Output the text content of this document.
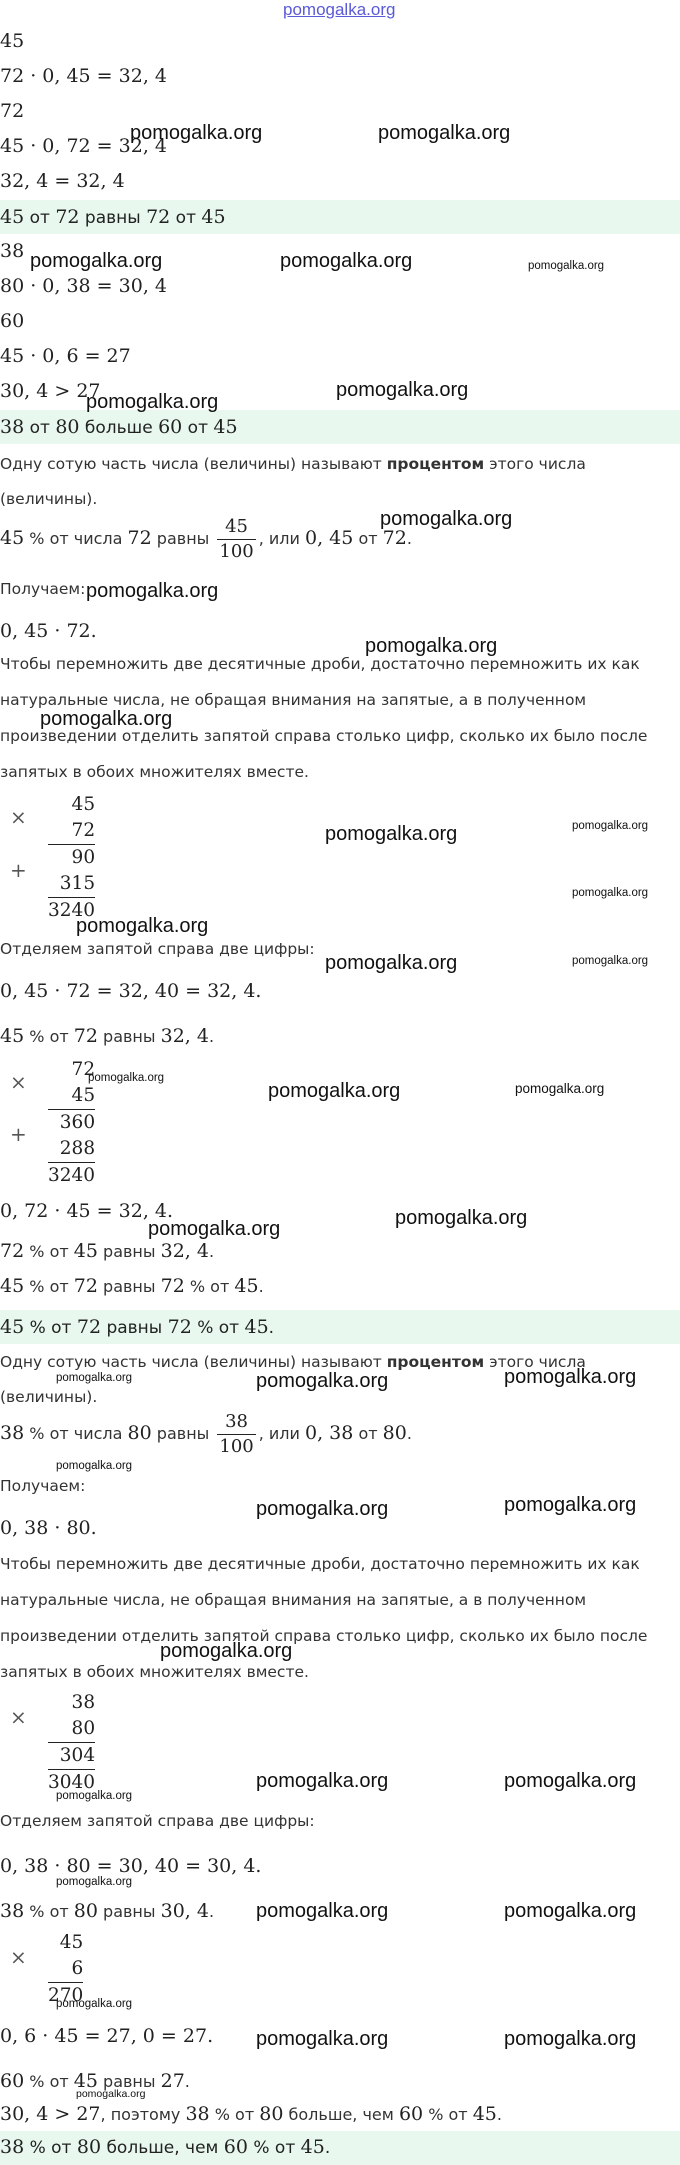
pomogalka.org
45
72 · 0, 45 = 32, 4
72
45 · 0, 72 = 32, 4
32, 4 = 32, 4
45 от 72 равны 72 от 45
38
80 · 0, 38 = 30, 4
60
45 · 0, 6 = 27
30, 4 > 27
38 от 80 больше 60 от 45
Одну сотую часть числа (величины) называют процентом этого числа
(величины).
45 % от числа 72 равны $\frac{45}{100}$ , или 0, 45 от 72.
Получаем:
0, 45 · 72.
Чтобы перемножить две десятичные дроби, достаточно перемножить их как
натуральные числа, не обращая внимания на запятые, а в полученном
произведении отделить запятой справа столько цифр, сколько их было после
запятых в обоих множителях вместе.
×
+
45
72
90
315
3240
Отделяем запятой справа две цифры:
0, 45 · 72 = 32, 40 = 32, 4.
45 % от 72 равны 32, 4.
×
+
72
45
360
288
3240
0, 72 · 45 = 32, 4.
72 % от 45 равны 32, 4.
45 % от 72 равны 72 % от 45.
45 % от 72 равны 72 % от 45.
Одну сотую часть числа (величины) называют процентом этого числа
(величины).
38 % от числа 80 равны $\frac{38}{100}$ , или 0, 38 от 80.
Получаем:
0, 38 · 80.
Чтобы перемножить две десятичные дроби, достаточно перемножить их как
натуральные числа, не обращая внимания на запятые, а в полученном
произведении отделить запятой справа столько цифр, сколько их было после
запятых в обоих множителях вместе.
×
38
80
304
3040
Отделяем запятой справа две цифры:
0, 38 · 80 = 30, 40 = 30, 4.
38 % от 80 равны 30, 4.
×
45
6
270
0, 6 · 45 = 27, 0 = 27.
60 % от 45 равны 27.
30, 4 > 27, поэтому 38 % от 80 больше, чем 60 % от 45.
38 % от 80 больше, чем 60 % от 45.
pomogalka.org	pomogalka.org
pomogalka.org	pomogalka.org	pomogalka.org
pomogalka.org
pomogalka.org
pomogalka.org
pomogalka.org
pomogalka.org
pomogalka.org
pomogalka.org	pomogalka.org
pomogalka.org
pomogalka.org
pomogalka.org	pomogalka.org
pomogalka.org
pomogalka.org	pomogalka.org
pomogalka.org	pomogalka.org
pomogalka.org	pomogalka.org	pomogalka.org
pomogalka.org
pomogalka.org	pomogalka.org
pomogalka.org
pomogalka.org	pomogalka.org
pomogalka.org
pomogalka.org
pomogalka.org	pomogalka.org
pomogalka.org
pomogalka.org	pomogalka.org
pomogalka.org
